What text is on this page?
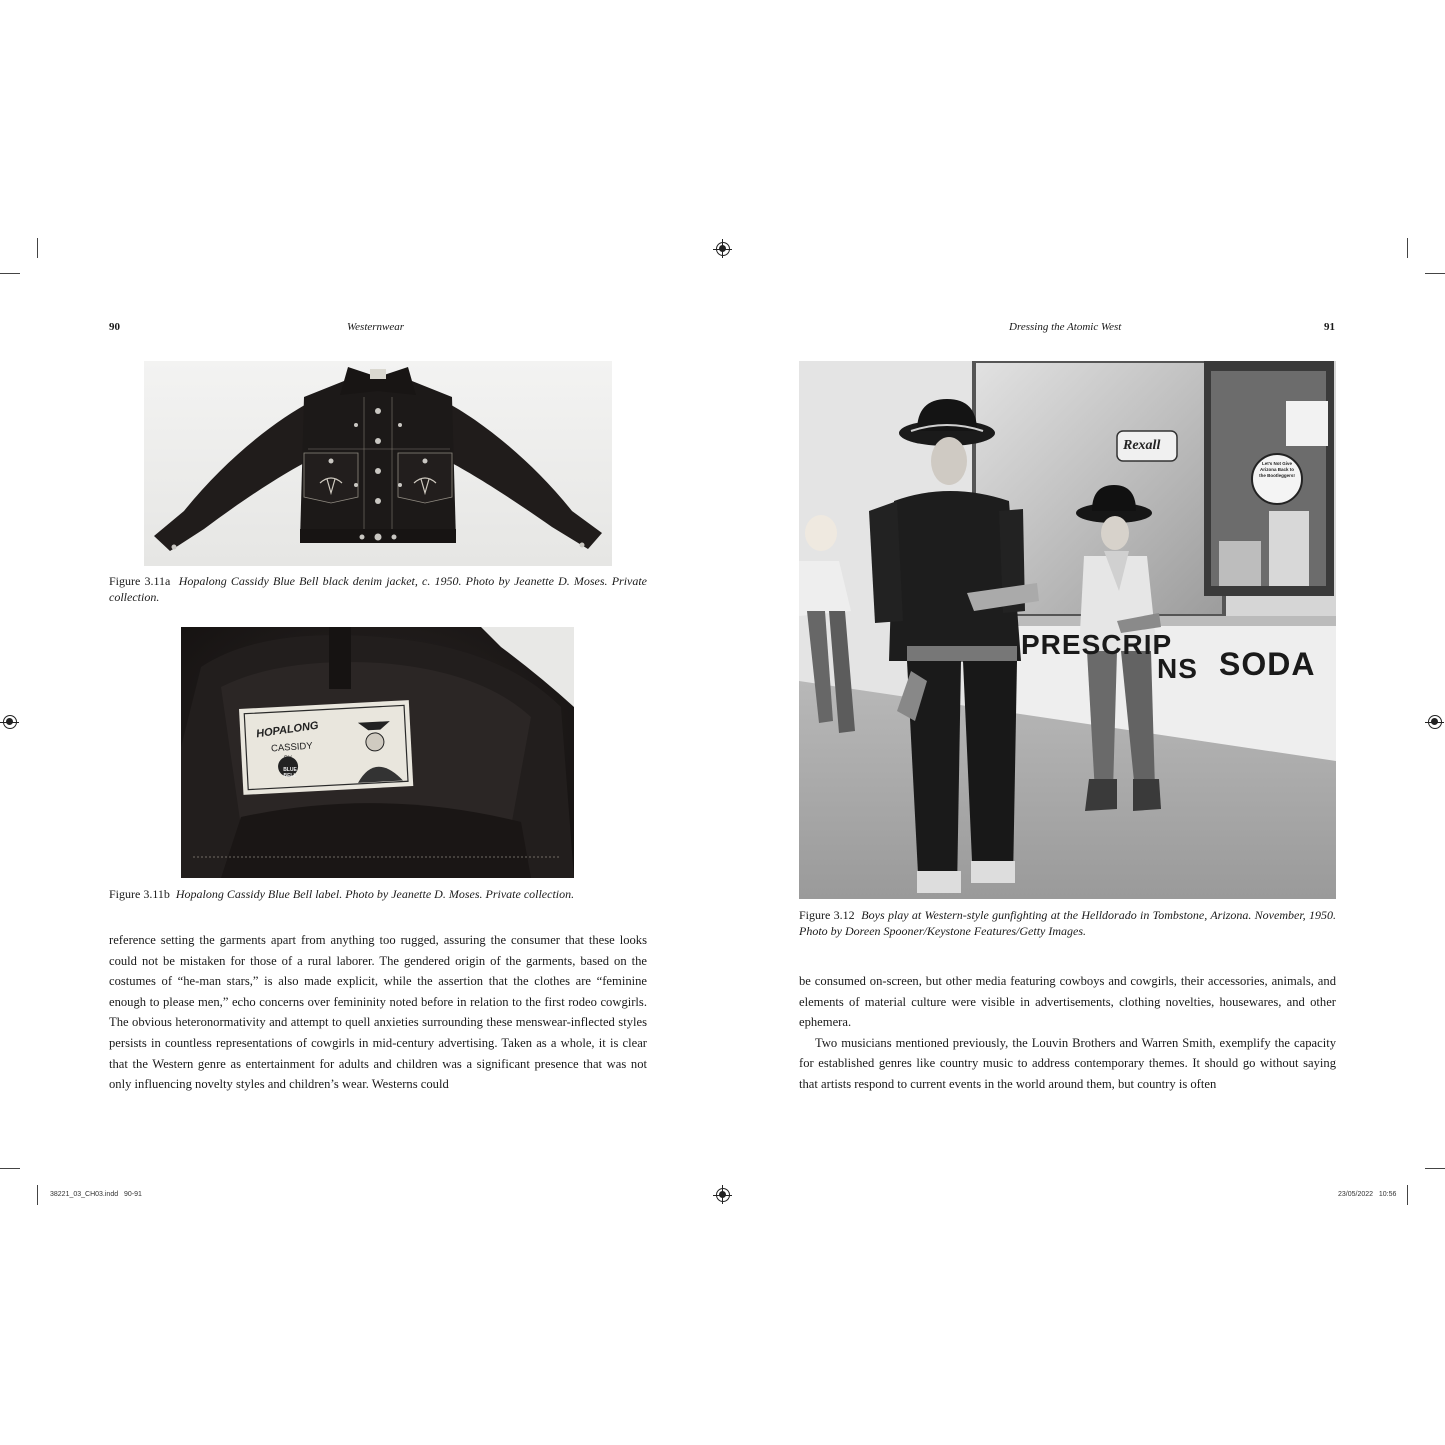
90	Westernwear
Figure 3.11a Hopalong Cassidy Blue Bell black denim jacket, c. 1950. Photo by Jeanette D. Moses. Private collection.
HOPALONG
CASSIDY
BY
BLUE BELL
Figure 3.11b Hopalong Cassidy Blue Bell label. Photo by Jeanette D. Moses. Private collection.

reference setting the garments apart from anything too rugged, assuring the consumer that these looks could not be mistaken for those of a rural laborer. The gendered origin of the garments, based on the costumes of “he-man stars,” is also made explicit, while the assertion that the clothes are “feminine enough to please men,” echo concerns over femininity noted before in relation to the first rodeo cowgirls. The obvious heteronormativity and attempt to quell anxieties surrounding these menswear-inflected styles persists in countless representations of cowgirls in mid-century advertising. Taken as a whole, it is clear that the Western genre as entertainment for adults and children was a significant presence that was not only influencing novelty styles and children’s wear. Westerns could

Dressing the Atomic West	91
Rexall
PRESCRIP
NS SODA
Let's Not Give Arizona Back to the Bootleggers!
Figure 3.12 Boys play at Western-style gunfighting at the Helldorado in Tombstone, Arizona. November, 1950. Photo by Doreen Spooner/Keystone Features/Getty Images.

be consumed on-screen, but other media featuring cowboys and cowgirls, their accessories, animals, and elements of material culture were visible in advertisements, clothing novelties, housewares, and other ephemera.

Two musicians mentioned previously, the Louvin Brothers and Warren Smith, exemplify the capacity for established genres like country music to address contemporary themes. It should go without saying that artists respond to current events in the world around them, but country is often

38221_03_CH03.indd   90-91	23/05/2022   10:56
